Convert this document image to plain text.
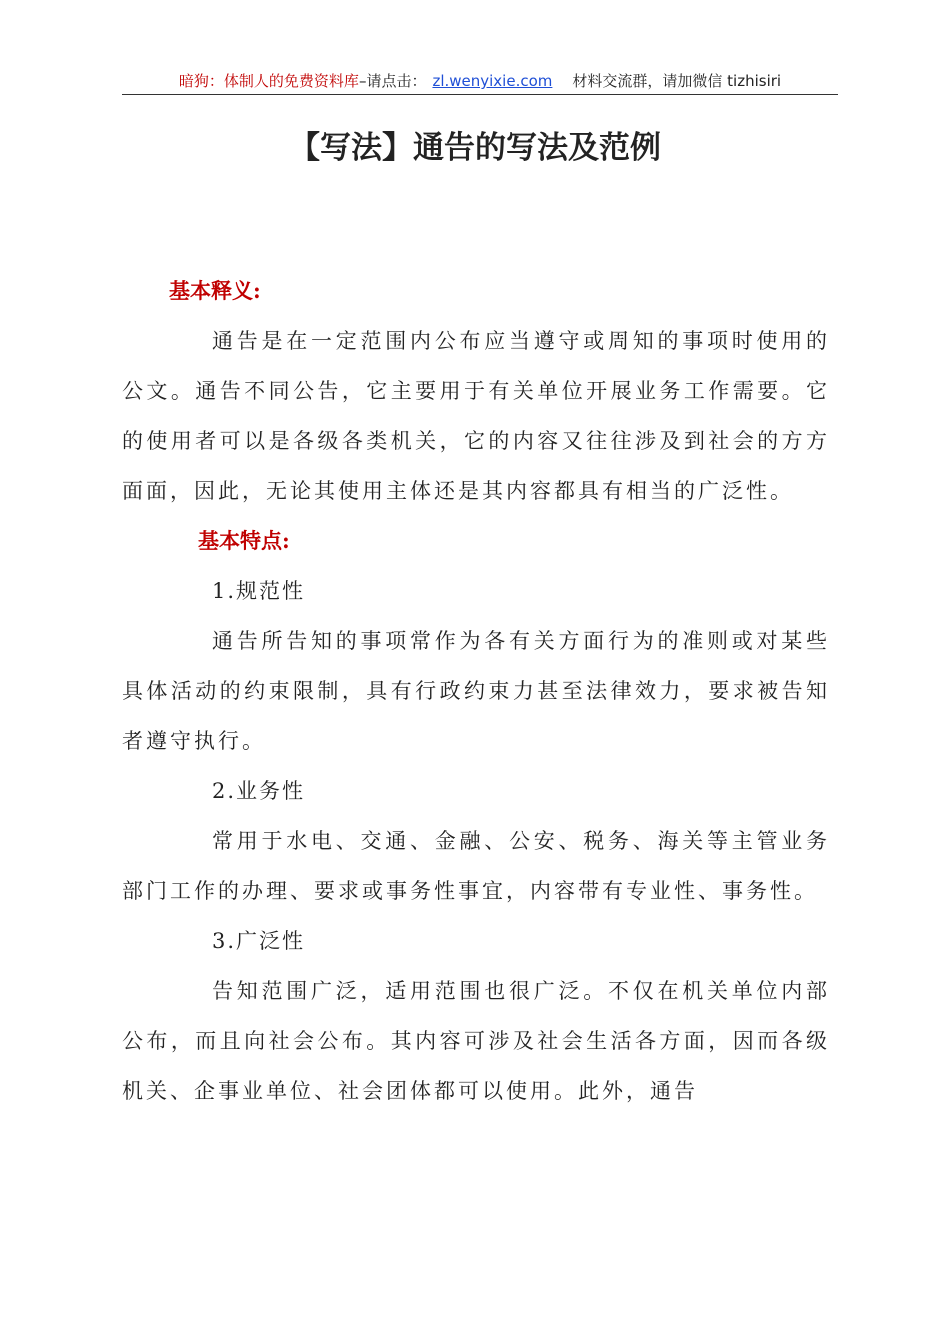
暗狗：体制人的免费资料库–请点击： zl.wenyixie.com 材料交流群，请加微信 tizhisiri
【写法】通告的写法及范例

基本释义:

通告是在一定范围内公布应当遵守或周知的事项时使用的公文。通告不同公告，它主要用于有关单位开展业务工作需要。它的使用者可以是各级各类机关，它的内容又往往涉及到社会的方方面面，因此，无论其使用主体还是其内容都具有相当的广泛性。

基本特点:

1.规范性

通告所告知的事项常作为各有关方面行为的准则或对某些具体活动的约束限制，具有行政约束力甚至法律效力，要求被告知者遵守执行。

2.业务性

常用于水电、交通、金融、公安、税务、海关等主管业务部门工作的办理、要求或事务性事宜，内容带有专业性、事务性。

3.广泛性

告知范围广泛，适用范围也很广泛。不仅在机关单位内部公布，而且向社会公布。其内容可涉及社会生活各方面，因而各级机关、企事业单位、社会团体都可以使用。此外，通告
